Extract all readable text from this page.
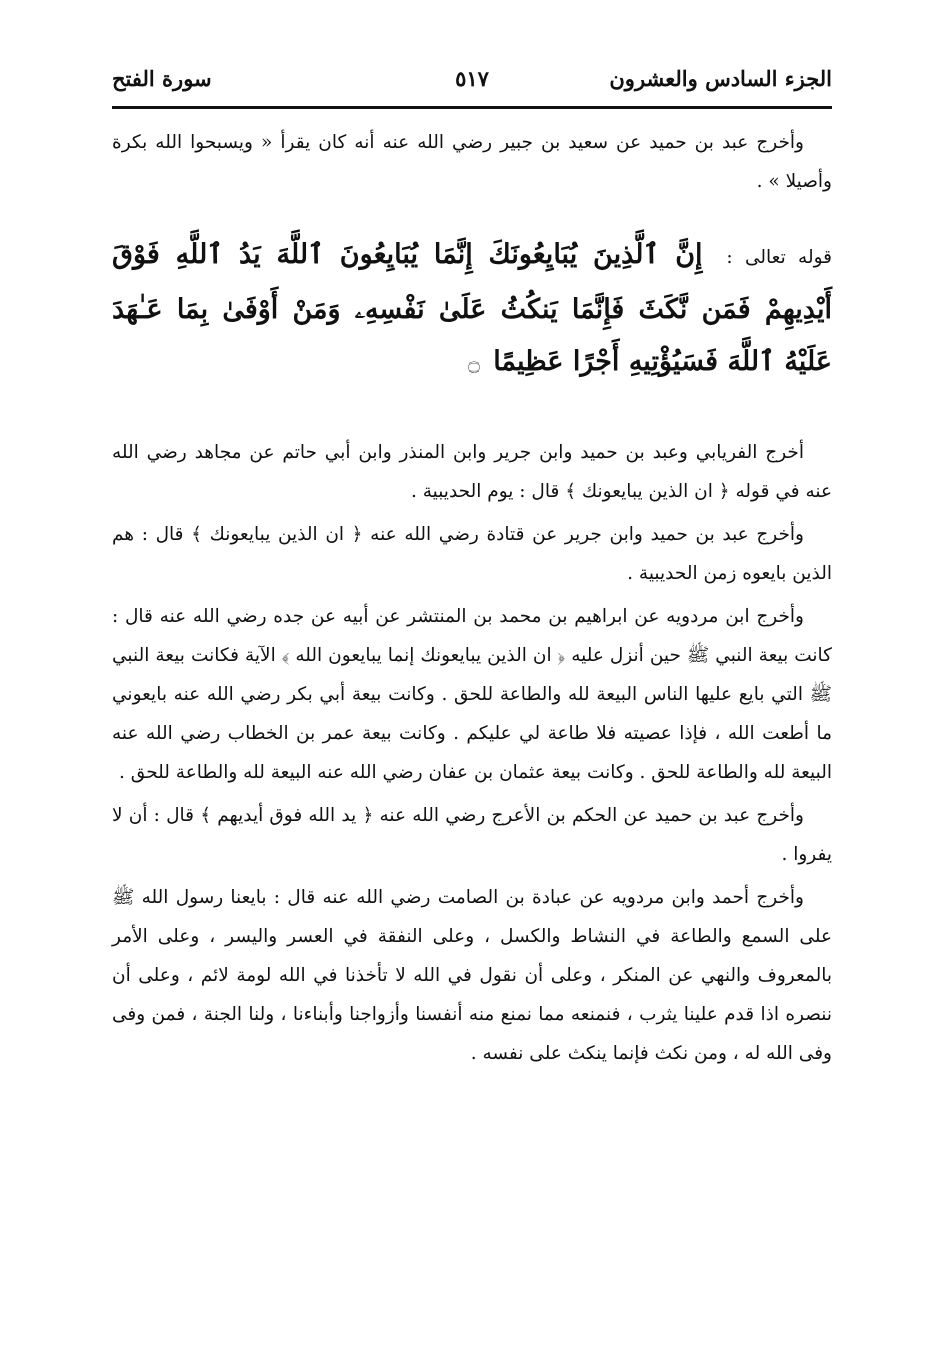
الجزء السادس والعشرون
٥١٧
سورة الفتح

وأخرج عبد بن حميد عن سعيد بن جبير رضي الله عنه أنه كان يقرأ « ويسبحوا الله بكرة وأصيلا » .

قوله تعالى : إِنَّ ٱلَّذِينَ يُبَايِعُونَكَ إِنَّمَا يُبَايِعُونَ ٱللَّهَ يَدُ ٱللَّهِ فَوْقَ أَيْدِيهِمْ فَمَن نَّكَثَ فَإِنَّمَا يَنكُثُ عَلَىٰ نَفْسِهِۦ وَمَنْ أَوْفَىٰ بِمَا عَـٰهَدَ عَلَيْهُ ٱللَّهَ فَسَيُؤْتِيهِ أَجْرًا عَظِيمًا ۝

أخرج الفريابي وعبد بن حميد وابن جرير وابن المنذر وابن أبي حاتم عن مجاهد رضي الله عنه في قوله ﴿ ان الذين يبايعونك ﴾ قال : يوم الحديبية .

وأخرج عبد بن حميد وابن جرير عن قتادة رضي الله عنه ﴿ ان الذين يبايعونك ﴾ قال : هم الذين بايعوه زمن الحديبية .

وأخرج ابن مردويه عن ابراهيم بن محمد بن المنتشر عن أبيه عن جده رضي الله عنه قال : كانت بيعة النبي ﷺ حين أنزل عليه ﴿ ان الذين يبايعونك إنما يبايعون الله ﴾ الآية فكانت بيعة النبي ﷺ التي بايع عليها الناس البيعة لله والطاعة للحق . وكانت بيعة أبي بكر رضي الله عنه بايعوني ما أطعت الله ، فإذا عصيته فلا طاعة لي عليكم . وكانت بيعة عمر بن الخطاب رضي الله عنه البيعة لله والطاعة للحق . وكانت بيعة عثمان بن عفان رضي الله عنه البيعة لله والطاعة للحق .

وأخرج عبد بن حميد عن الحكم بن الأعرج رضي الله عنه ﴿ يد الله فوق أيديهم ﴾ قال : أن لا يفروا .

وأخرج أحمد وابن مردويه عن عبادة بن الصامت رضي الله عنه قال : بايعنا رسول الله ﷺ على السمع والطاعة في النشاط والكسل ، وعلى النفقة في العسر واليسر ، وعلى الأمر بالمعروف والنهي عن المنكر ، وعلى أن نقول في الله لا تأخذنا في الله لومة لائم ، وعلى أن ننصره اذا قدم علينا يثرب ، فنمنعه مما نمنع منه أنفسنا وأزواجنا وأبناءنا ، ولنا الجنة ، فمن وفى وفى الله له ، ومن نكث فإنما ينكث على نفسه .
